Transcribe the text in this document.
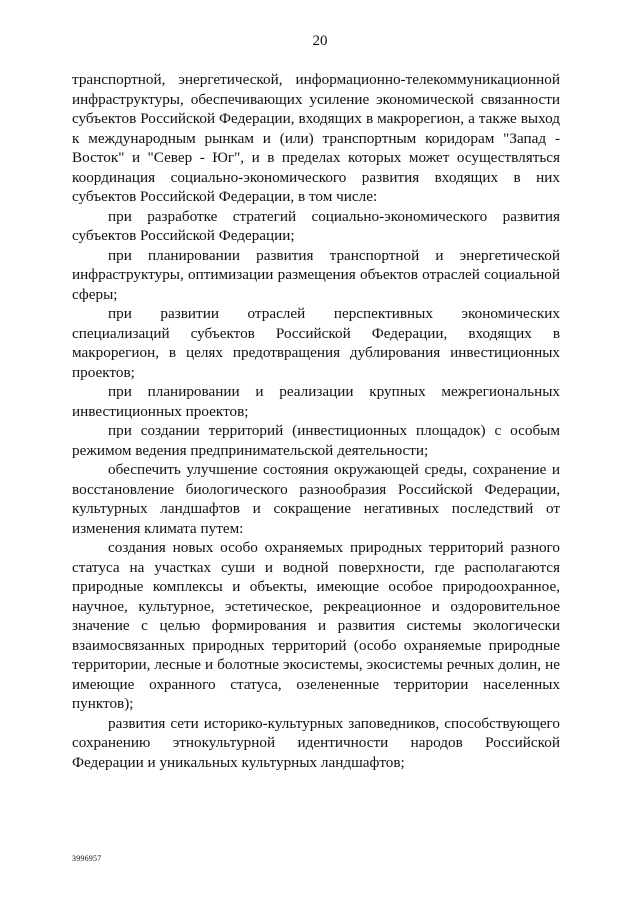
20

транспортной, энергетической, информационно-телекоммуникационной инфраструктуры, обеспечивающих усиление экономической связанности субъектов Российской Федерации, входящих в макрорегион, а также выход к международным рынкам и (или) транспортным коридорам "Запад - Восток" и "Север - Юг", и в пределах которых может осуществляться координация социально-экономического развития входящих в них субъектов Российской Федерации, в том числе:

при разработке стратегий социально-экономического развития субъектов Российской Федерации;

при планировании развития транспортной и энергетической инфраструктуры, оптимизации размещения объектов отраслей социальной сферы;

при развитии отраслей перспективных экономических специализаций субъектов Российской Федерации, входящих в макрорегион, в целях предотвращения дублирования инвестиционных проектов;

при планировании и реализации крупных межрегиональных инвестиционных проектов;

при создании территорий (инвестиционных площадок) с особым режимом ведения предпринимательской деятельности;

обеспечить улучшение состояния окружающей среды, сохранение и восстановление биологического разнообразия Российской Федерации, культурных ландшафтов и сокращение негативных последствий от изменения климата путем:

создания новых особо охраняемых природных территорий разного статуса на участках суши и водной поверхности, где располагаются природные комплексы и объекты, имеющие особое природоохранное, научное, культурное, эстетическое, рекреационное и оздоровительное значение с целью формирования и развития системы экологически взаимосвязанных природных территорий (особо охраняемые природные территории, лесные и болотные экосистемы, экосистемы речных долин, не имеющие охранного статуса, озелененные территории населенных пунктов);

развития сети историко-культурных заповедников, способствующего сохранению этнокультурной идентичности народов Российской Федерации и уникальных культурных ландшафтов;

3996957
